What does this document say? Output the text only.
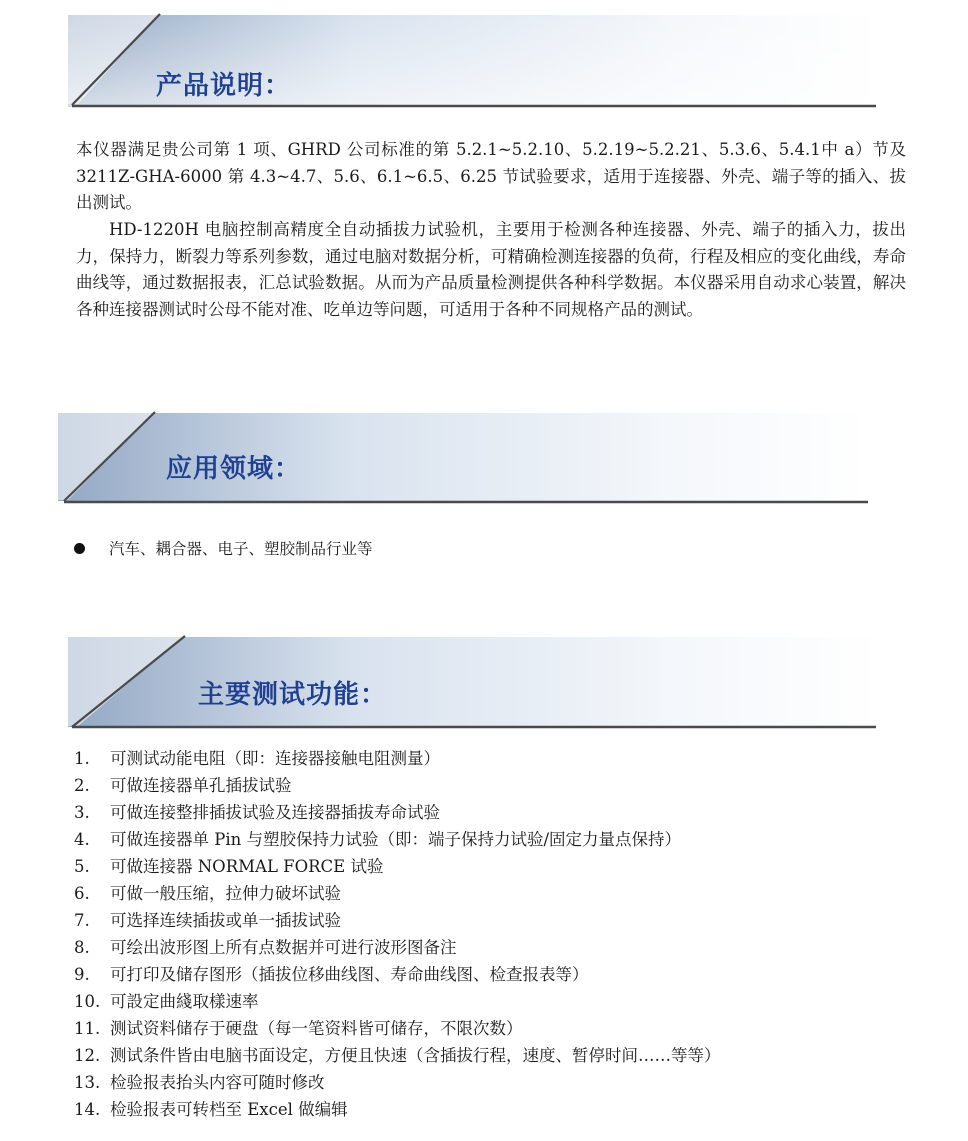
产品说明：

本仪器满足贵公司第 1 项、GHRD 公司标准的第 5.2.1~5.2.10、5.2.19~5.2.21、5.3.6、5.4.1中 a）节及 3211Z-GHA-6000 第 4.3~4.7、5.6、6.1~6.5、6.25 节试验要求，适用于连接器、外壳、端子等的插入、拔出测试。

HD-1220H 电脑控制高精度全自动插拔力试验机，主要用于检测各种连接器、外壳、端子的插入力，拔出力，保持力，断裂力等系列参数，通过电脑对数据分析，可精确检测连接器的负荷，行程及相应的变化曲线，寿命曲线等，通过数据报表，汇总试验数据。从而为产品质量检测提供各种科学数据。本仪器采用自动求心装置，解决各种连接器测试时公母不能对准、吃单边等问题，可适用于各种不同规格产品的测试。

应用领域：
汽车、耦合器、电子、塑胶制品行业等
主要测试功能：
1.	可测试动能电阻（即：连接器接触电阻测量）
2.	可做连接器单孔插拔试验
3.	可做连接整排插拔试验及连接器插拔寿命试验
4.	可做连接器单 Pin 与塑胶保持力试验（即：端子保持力试验/固定力量点保持）
5.	可做连接器 NORMAL FORCE 试验
6.	可做一般压缩，拉伸力破坏试验
7.	可选择连续插拔或单一插拔试验
8.	可绘出波形图上所有点数据并可进行波形图备注
9.	可打印及储存图形（插拔位移曲线图、寿命曲线图、检查报表等）
10. 可設定曲綫取樣速率
11. 测试资料储存于硬盘（每一笔资料皆可储存，不限次数）
12. 测试条件皆由电脑书面设定，方便且快速（含插拔行程，速度、暂停时间……等等）
13. 检验报表抬头内容可随时修改
14. 检验报表可转档至 Excel 做编辑
